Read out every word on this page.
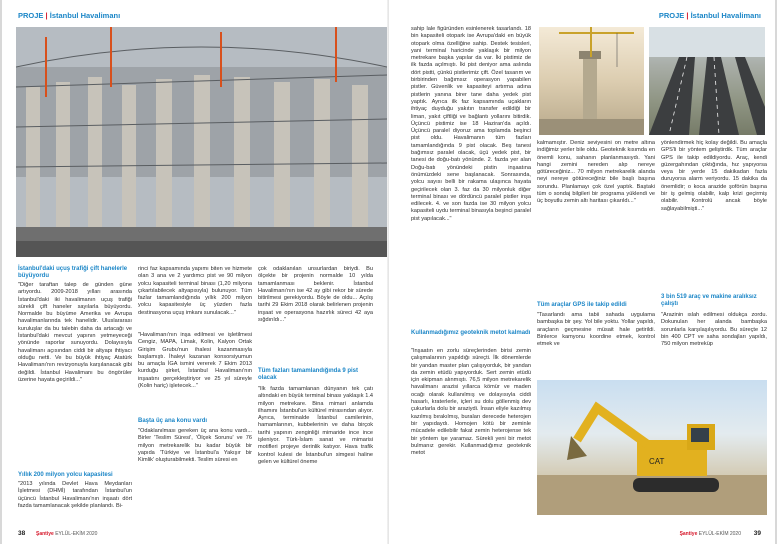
PROJE | İstanbul Havalimanı
İstanbul'daki uçuş trafiği çift hanelerle büyüyordu
"Diğer taraftan talep de günden güne artıyordu. 2009-2018 yılları arasında İstanbul'daki iki havalimanın uçuş trafiği sürekli çift haneler sayılarla büyüyordu. Normalde bu büyüme Amerika ve Avrupa havalimanlarında tek hanelidir. Uluslararası kuruluşlar da bu talebin daha da artacağı ve İstanbul'daki mevcut yapının yetmeyeceği yönünde raporlar sunuyordu. Dolayısıyla havalimanı açısından ciddi bir altyapı ihtiyacı olduğu netti. Ve bu büyük ihtiyaç Atatürk Havalimanı'nın revizyonuyla karşılanacak gibi değildi. İstanbul Havalimanı bu öngörüler üzerine hayata geçirildi..."
Yıllık 200 milyon yolcu kapasitesi
"2013 yılında Devlet Hava Meydanları İşletmesi (DHMİ) tarafından İstanbul'un üçüncü İstanbul Havalimanı'nın inşaatı dört fazda tamamlanacak şekilde planlandı. Bi-
rinci faz kapsamında yapımı biten ve hizmete olan 3 ana ve 2 yardımcı pist ve 90 milyon yolcu kapasiteli terminal binası (1,20 milyona çıkartılabilecek altyapısıyla) bulunuyor. Tüm fazlar tamamlandığında yıllık 200 milyon yolcu kapasitesiyle üç yüzden fazla destinasyona uçuş imkanı sunulacak..."
"Havalimanı'nın inşa edilmesi ve işletilmesi Cengiz, MAPA, Limak, Kolin, Kalyon Ortak Girişim Grubu'nun ihalesi kazanmasıyla başlamıştı. İhaleyi kazanan konsorsiyumun bu amaçla İGA ismini vererek 7 Ekim 2013 kurduğu şirket, İstanbul Havalimanı'nın inşaatını gerçekleştiriyor ve 25 yıl süreyle (Kolin hariç) işletecek..."
Başta üç ana konu vardı
"Odaklanılması gereken üç ana konu vardı... Birler 'Teslim Süresi', 'Ölçek Sorunu' ve 76 milyon metrekarelik bu kadar büyük bir yapıda 'Türkiye ve İstanbul'a Yakışır bir Kimlik' oluşturabilmekti. Teslim süresi en
çok odaklanılan unsurlardan biriydi. Bu ölçekte bir projenin normalde 10 yılda tamamlanması beklenir. İstanbul Havalimanı'nın ise 42 ay gibi rekor bir sürede bitirilmesi gerekiyordu. Böyle de oldu... Açılış tarihi 29 Ekim 2018 olarak belirlenen projenin inşaat ve operasyona hazırlık süreci 42 aya sığdırıldı..."
Tüm fazları tamamlandığında 9 pist olacak
"İlk fazda tamamlanan dünyanın tek çatı altındaki en büyük terminal binası yaklaşık 1.4 milyon metrekare. Bina mimari anlamda ilhamını İstanbul'un kültürel mirasından alıyor. Ayrıca, terminalde İstanbul camilerinin, hamamlarının, kubbelerinin ve daha birçok tarihi yapının zenginliği mimaride ince ince işleniyor. Türk-İslam sanat ve mimarisi motifleri projeye derinlik katıyor. Hava trafik kontrol kulesi de İstanbul'un simgesi haline gelen ve kültürel öneme
38 Şantiye EYLÜL-EKİM 2020
PROJE | İstanbul Havalimanı
sahip lale figüründen esinlenerek tasarlandı. 18 bin kapasiteli otopark ise Avrupa'daki en büyük otopark olma özelliğine sahip. Destek tesisleri, yani terminal haricinde yaklaşık bir milyon metrekare başka yapılar da var. İki pistimiz de ilk fazda açılmıştı. İki pist deniyor ama aslında dört pistti, çünkü pistlerimiz çift. Özel tasarım ve birbirinden bağımsız operasyon yapabilen pistler. Güvenlik ve kapasiteyi artırma adına pistlerin yanına birer tane daha yedek pist yaptık. Ayrıca ilk faz kapsamında uçakların ihtiyaç duyduğu yakıtın transfer edildiği bir liman, yakıt çiftliği ve bağlantı yollarını bitirdik. Üçüncü pistimiz ise 18 Haziran'da açıldı. Üçüncü paralel diyoruz ama toplamda beşinci pist oldu. Havalimanın tüm fazları tamamlandığında 9 pist olacak. Beş tanesi bağımsız paralel olacak, üçü yedek pist, bir tanesi de doğu-batı yönünde. 2. fazda yer alan Doğu-batı yönündeki pistin inşaatına önümüzdeki sene başlanacak. Sonrasında, yolcu sayısı belli bir rakama ulaşınca hayata geçirilecek olan 3. faz da 30 milyonluk diğer terminal binası ve dördüncü paralel pistler inşa edilecek. 4. ve son fazda ise 30 milyon yolcu kapasiteli uydu terminal binasıyla beşinci paralel pist yapılacak..."
Kullanmadığımız geoteknik metot kalmadı
"İnşaatın en zorlu süreçlerinden birisi zemin çalışmalarının yapıldığı süreçti. İlk dönemlerde bir yandan master plan çalışıyorduk, bir yandan da zemin etüdü yapıyorduk. Sert zemin etüdü için ekipman alınmıştı. 76,5 milyon metrekarelik havalimanı arazisi yıllarca kömür ve maden ocağı olarak kullanılmış ve dolayısıyla ciddi hasarlı, kraterlerle, içleri su dolu göllenmiş dev çukurlarla dolu bir araziydi. İnsan eliyle kazılmış kazılmış bırakılmış, buraları derecede heterojen bir yapıdaydı. Homojen kötü bir zeminle mücadele edilebilir fakat zemin heterojense tek bir yöntem işe yaramaz. Sürekli yeni bir metot bulmanız gerekir. Kullanmadığımız geoteknik metot
kalmamıştır. Deniz seviyesini on metre altına indiğimiz yerler bile oldu. Geoteknik kısımda en önemli konu, sahanın planlanmasıydı. Yani hangi zemini nereden alıp nereye götüreceğiniz... 70 milyon metrekarelik alanda neyi nereye götüreceğiniz bile başlı başına sorundu. Planlamayı çok özel yaptık. Baştaki tüm o sondaj bilgileri bir programa yüklendi ve üç boyutlu zemin altı haritası çıkarıldı..."
Tüm araçlar GPS ile takip edildi
"Tasarlandı ama tabii sahada uygulama bambaşka bir şey. Yol bile yoktu. Yollar yapıldı, araçların geçmesine müsait hale getirildi. Binlerce kamyonu koordine etmek, kontrol etmek ve
yönlendirmek hiç kolay değildi. Bu amaçla GPS'li bir yöntem geliştirdik. Tüm araçlar GPS ile takip edildiyordu. Araç, kendi güzergahından çıktığında, hız yapıyorsa veya bir yerde 15 dakikadan fazla duruyorsa alarm veriyordu. 15 dakika da önemlidir; o koca arazide şoförün başına bir iş gelmiş olabilir, kalp krizi geçirmiş olabilir. Kontrolü ancak böyle sağlayabilmişti..."
3 bin 519 araç ve makine aralıksız çalıştı
"Arazinin ıslah edilmesi oldukça zordu. Dokunulan her alanda bambaşka sorunlarla karşılaşılıyordu. Bu süreçte 12 bin 400 CPT ve saha sondajları yapıldı, 750 milyon metreküp
CAT
39
Şantiye EYLÜL-EKİM 2020
